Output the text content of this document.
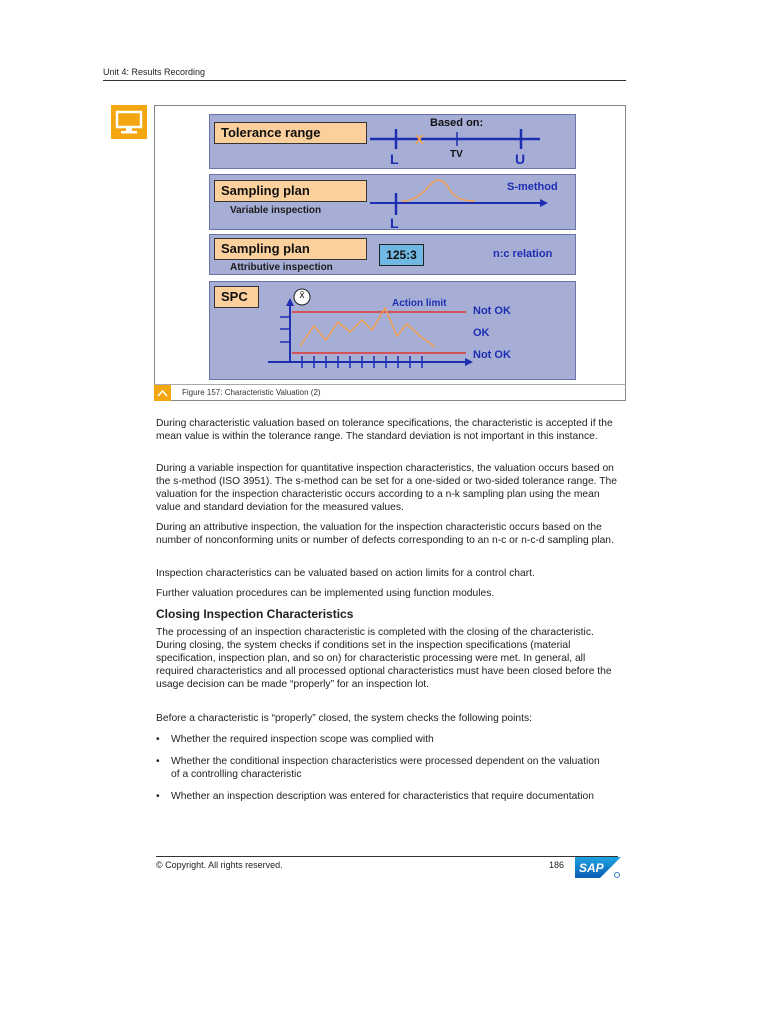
Unit 4: Results Recording
Tolerance range	X
Based on:
L	TV	U
Sampling plan
Variable inspection
S-method
L
Sampling plan
Attributive inspection
125:3	n:c relation
SPC	x̄
Action limit
Not OK
OK
Not OK
Figure 157: Characteristic Valuation (2)

During characteristic valuation based on tolerance specifications, the characteristic is accepted if the mean value is within the tolerance range. The standard deviation is not important in this instance.

During a variable inspection for quantitative inspection characteristics, the valuation occurs based on the s-method (ISO 3951). The s-method can be set for a one-sided or two-sided tolerance range. The valuation for the inspection characteristic occurs according to a n-k sampling plan using the mean value and standard deviation for the measured values.

During an attributive inspection, the valuation for the inspection characteristic occurs based on the number of nonconforming units or number of defects corresponding to an n-c or n-c-d sampling plan.

Inspection characteristics can be valuated based on action limits for a control chart.

Further valuation procedures can be implemented using function modules.

Closing Inspection Characteristics

The processing of an inspection characteristic is completed with the closing of the characteristic. During closing, the system checks if conditions set in the inspection specifications (material specification, inspection plan, and so on) for characteristic processing were met. In general, all required characteristics and all processed optional characteristics must have been closed before the usage decision can be made “properly” for an inspection lot.

Before a characteristic is “properly” closed, the system checks the following points:

• Whether the required inspection scope was complied with
• Whether the conditional inspection characteristics were processed dependent on the valuation of a controlling characteristic
• Whether an inspection description was entered for characteristics that require documentation
© Copyright. All rights reserved.	186 SAP
